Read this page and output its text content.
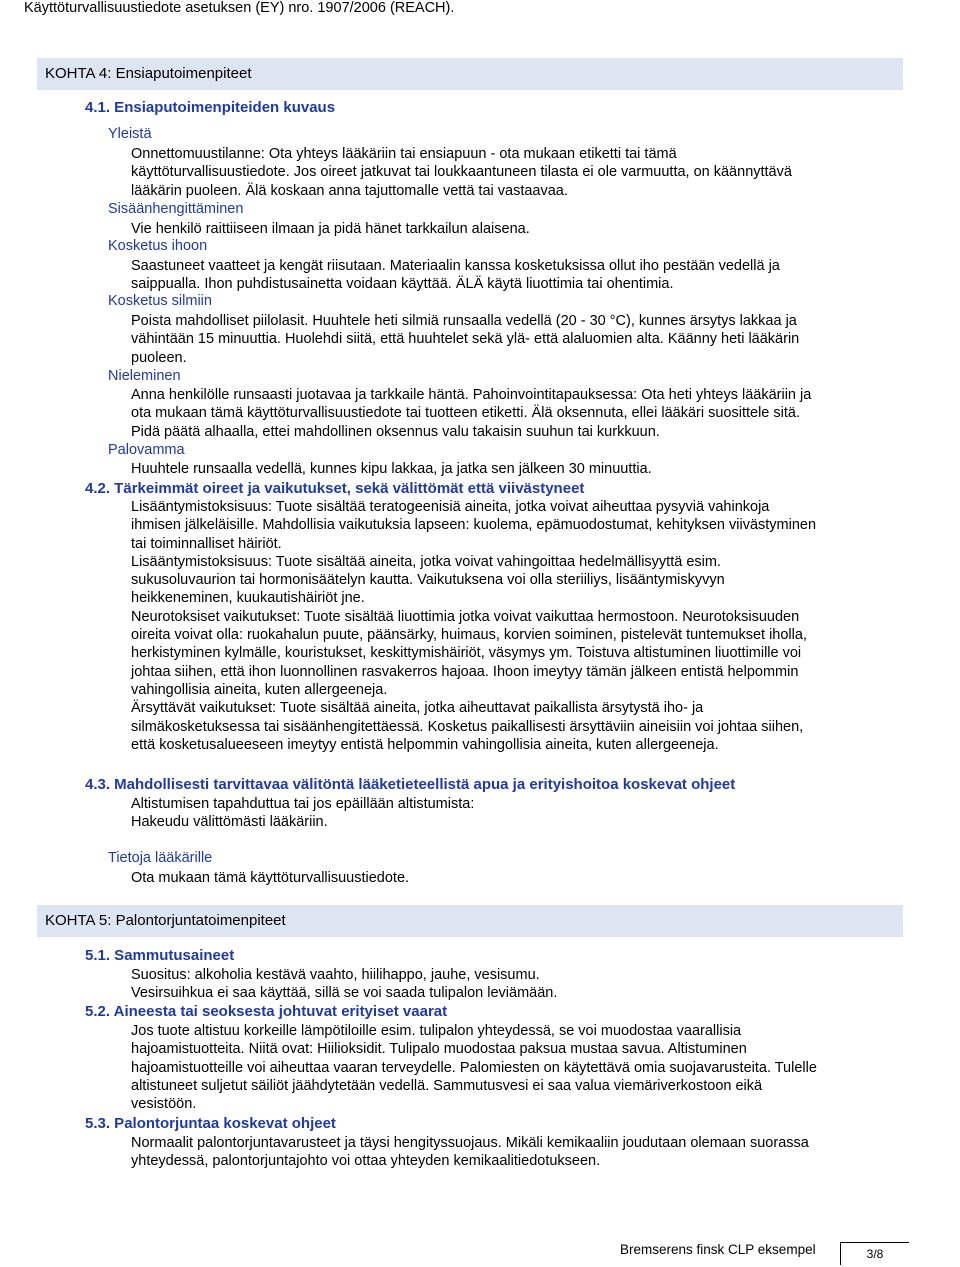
Käyttöturvallisuustiedote asetuksen (EY) nro. 1907/2006 (REACH).
KOHTA 4: Ensiaputoimenpiteet
4.1. Ensiaputoimenpiteiden kuvaus
Yleistä
Onnettomuustilanne: Ota yhteys lääkäriin tai ensiapuun - ota mukaan etiketti tai tämä
käyttöturvallisuustiedote. Jos oireet jatkuvat tai loukkaantuneen tilasta ei ole varmuutta, on käännyttävä
lääkärin puoleen. Älä koskaan anna tajuttomalle vettä tai vastaavaa.
Sisäänhengittäminen
Vie henkilö raittiiseen ilmaan ja pidä hänet tarkkailun alaisena.
Kosketus ihoon
Saastuneet vaatteet ja kengät riisutaan. Materiaalin kanssa kosketuksissa ollut iho pestään vedellä ja
saippualla. Ihon puhdistusainetta voidaan käyttää. ÄLÄ käytä liuottimia tai ohentimia.
Kosketus silmiin
Poista mahdolliset piilolasit. Huuhtele heti silmiä runsaalla vedellä (20 - 30 °C), kunnes ärsytys lakkaa ja
vähintään 15 minuuttia. Huolehdi siitä, että huuhtelet sekä ylä- että alaluomien alta. Käänny heti lääkärin
puoleen.
Nieleminen
Anna henkilölle runsaasti juotavaa ja tarkkaile häntä. Pahoinvointitapauksessa: Ota heti yhteys lääkäriin ja
ota mukaan tämä käyttöturvallisuustiedote tai tuotteen etiketti. Älä oksennuta, ellei lääkäri suosittele sitä.
Pidä päätä alhaalla, ettei mahdollinen oksennus valu takaisin suuhun tai kurkkuun.
Palovamma
Huuhtele runsaalla vedellä, kunnes kipu lakkaa, ja jatka sen jälkeen 30 minuuttia.
4.2. Tärkeimmät oireet ja vaikutukset, sekä välittömät että viivästyneet
Lisääntymistoksisuus: Tuote sisältää teratogeenisiä aineita, jotka voivat aiheuttaa pysyviä vahinkoja
ihmisen jälkeläisille. Mahdollisia vaikutuksia lapseen: kuolema, epämuodostumat, kehityksen viivästyminen
tai toiminnalliset häiriöt.
Lisääntymistoksisuus: Tuote sisältää aineita, jotka voivat vahingoittaa hedelmällisyyttä esim.
sukusoluvaurion tai hormonisäätelyn kautta. Vaikutuksena voi olla steriiliys, lisääntymiskyvyn
heikkeneminen, kuukautishäiriöt jne.
Neurotoksiset vaikutukset: Tuote sisältää liuottimia jotka voivat vaikuttaa hermostoon. Neurotoksisuuden
oireita voivat olla: ruokahalun puute, päänsärky, huimaus, korvien soiminen, pistelevät tuntemukset iholla,
herkistyminen kylmälle, kouristukset, keskittymishäiriöt, väsymys ym. Toistuva altistuminen liuottimille voi
johtaa siihen, että ihon luonnollinen rasvakerros hajoaa. Ihoon imeytyy tämän jälkeen entistä helpommin
vahingollisia aineita, kuten allergeeneja.
Ärsyttävät vaikutukset: Tuote sisältää aineita, jotka aiheuttavat paikallista ärsytystä iho- ja
silmäkosketuksessa tai sisäänhengitettäessä. Kosketus paikallisesti ärsyttäviin aineisiin voi johtaa siihen,
että kosketusalueeseen imeytyy entistä helpommin vahingollisia aineita, kuten allergeeneja.
4.3. Mahdollisesti tarvittavaa välitöntä lääketieteellistä apua ja erityishoitoa koskevat ohjeet
Altistumisen tapahduttua tai jos epäillään altistumista:
Hakeudu välittömästi lääkäriin.
Tietoja lääkärille
Ota mukaan tämä käyttöturvallisuustiedote.
KOHTA 5: Palontorjuntatoimenpiteet
5.1. Sammutusaineet
Suositus: alkoholia kestävä vaahto, hiilihappo, jauhe, vesisumu.
Vesirsuihkua ei saa käyttää, sillä se voi saada tulipalon leviämään.
5.2. Aineesta tai seoksesta johtuvat erityiset vaarat
Jos tuote altistuu korkeille lämpötiloille esim. tulipalon yhteydessä, se voi muodostaa vaarallisia
hajoamistuotteita. Niitä ovat: Hiilioksidit. Tulipalo muodostaa paksua mustaa savua. Altistuminen
hajoamistuotteille voi aiheuttaa vaaran terveydelle. Palomiesten on käytettävä omia suojavarusteita. Tulelle
altistuneet suljetut säiliöt jäähdytetään vedellä. Sammutusvesi ei saa valua viemäriverkostoon eikä
vesistöön.
5.3. Palontorjuntaa koskevat ohjeet
Normaalit palontorjuntavarusteet ja täysi hengityssuojaus. Mikäli kemikaaliin joudutaan olemaan suorassa
yhteydessä, palontorjuntajohto voi ottaa yhteyden kemikaalitiedotukseen.
Bremserens finsk CLP eksempel	3/8
